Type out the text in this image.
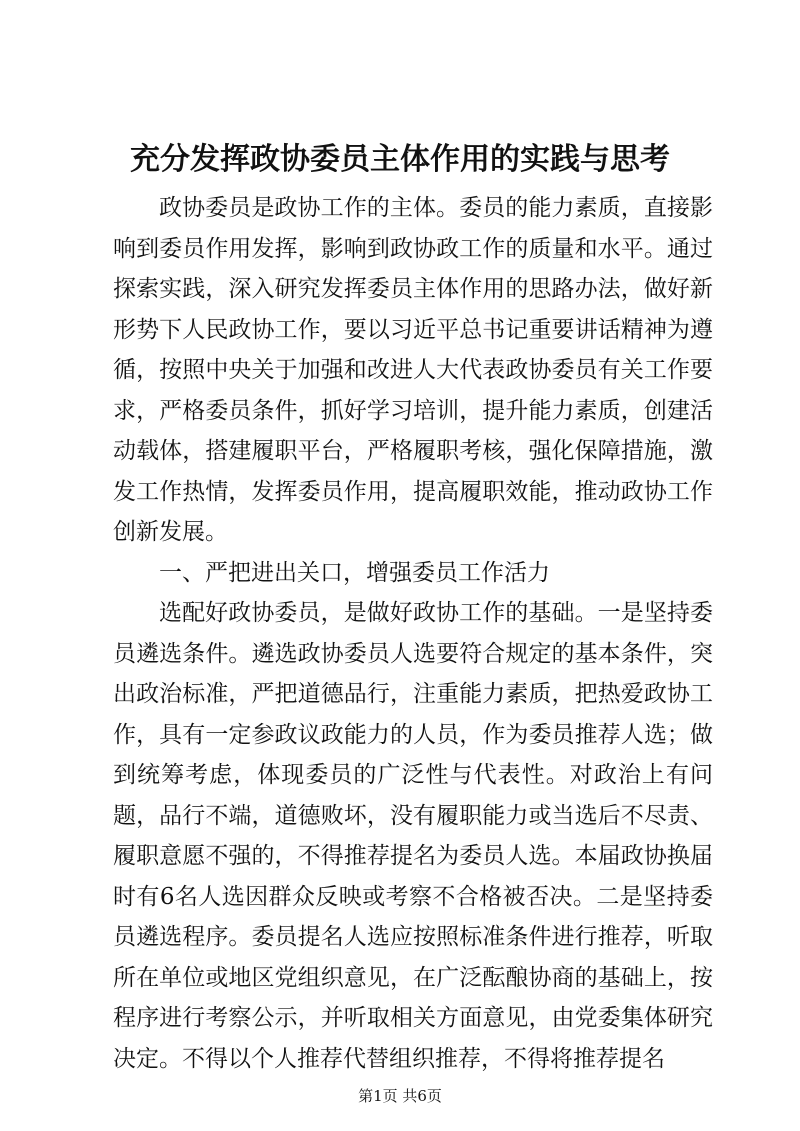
充分发挥政协委员主体作用的实践与思考

政协委员是政协工作的主体。委员的能力素质，直接影响到委员作用发挥，影响到政协政工作的质量和水平。通过探索实践，深入研究发挥委员主体作用的思路办法，做好新形势下人民政协工作，要以习近平总书记重要讲话精神为遵循，按照中央关于加强和改进人大代表政协委员有关工作要求，严格委员条件，抓好学习培训，提升能力素质，创建活动载体，搭建履职平台，严格履职考核，强化保障措施，激发工作热情，发挥委员作用，提高履职效能，推动政协工作创新发展。

一、严把进出关口，增强委员工作活力

选配好政协委员，是做好政协工作的基础。一是坚持委员遴选条件。遴选政协委员人选要符合规定的基本条件，突出政治标准，严把道德品行，注重能力素质，把热爱政协工作，具有一定参政议政能力的人员，作为委员推荐人选；做到统筹考虑，体现委员的广泛性与代表性。对政治上有问题，品行不端，道德败坏，没有履职能力或当选后不尽责、履职意愿不强的，不得推荐提名为委员人选。本届政协换届时有6名人选因群众反映或考察不合格被否决。二是坚持委员遴选程序。委员提名人选应按照标准条件进行推荐，听取所在单位或地区党组织意见，在广泛酝酿协商的基础上，按程序进行考察公示，并听取相关方面意见，由党委集体研究决定。不得以个人推荐代替组织推荐，不得将推荐提名

第1页 共6页
